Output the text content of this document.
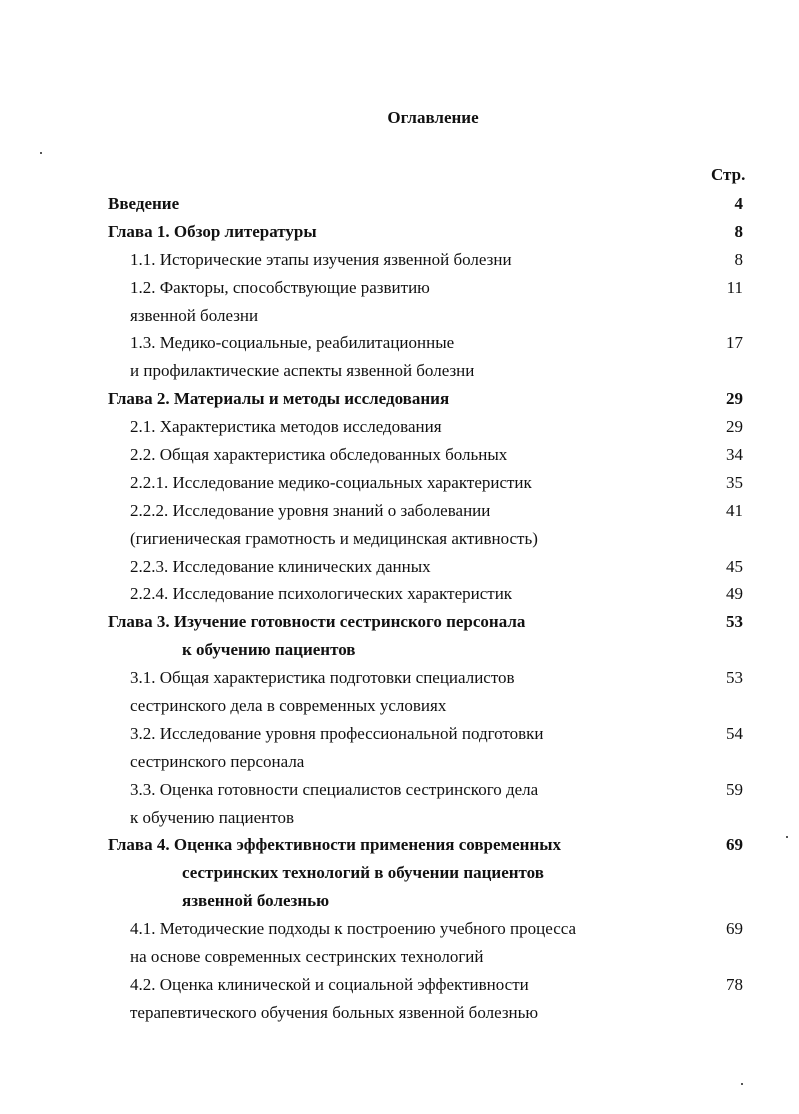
Оглавление
Стр.
Введение	4
Глава 1. Обзор литературы	8
1.1. Исторические этапы изучения язвенной болезни	8
1.2. Факторы, способствующие развитию	11
язвенной болезни
1.3. Медико-социальные, реабилитационные	17
и профилактические аспекты язвенной болезни
Глава 2. Материалы и методы исследования	29
2.1. Характеристика методов исследования	29
2.2. Общая характеристика обследованных больных	34
2.2.1. Исследование медико-социальных характеристик	35
2.2.2. Исследование уровня знаний о заболевании	41
(гигиеническая грамотность и медицинская активность)
2.2.3. Исследование клинических данных	45
2.2.4. Исследование психологических характеристик	49
Глава 3. Изучение готовности сестринского персонала	53
к обучению пациентов
3.1. Общая характеристика подготовки специалистов	53
сестринского дела в современных условиях
3.2. Исследование уровня профессиональной подготовки	54
сестринского персонала
3.3. Оценка готовности специалистов сестринского дела	59
к обучению пациентов
Глава 4. Оценка эффективности применения современных	69
сестринских технологий в обучении пациентов
язвенной болезнью
4.1. Методические подходы к построению учебного процесса	69
на основе современных сестринских технологий
4.2. Оценка клинической и социальной эффективности	78
терапевтического обучения больных язвенной болезнью
